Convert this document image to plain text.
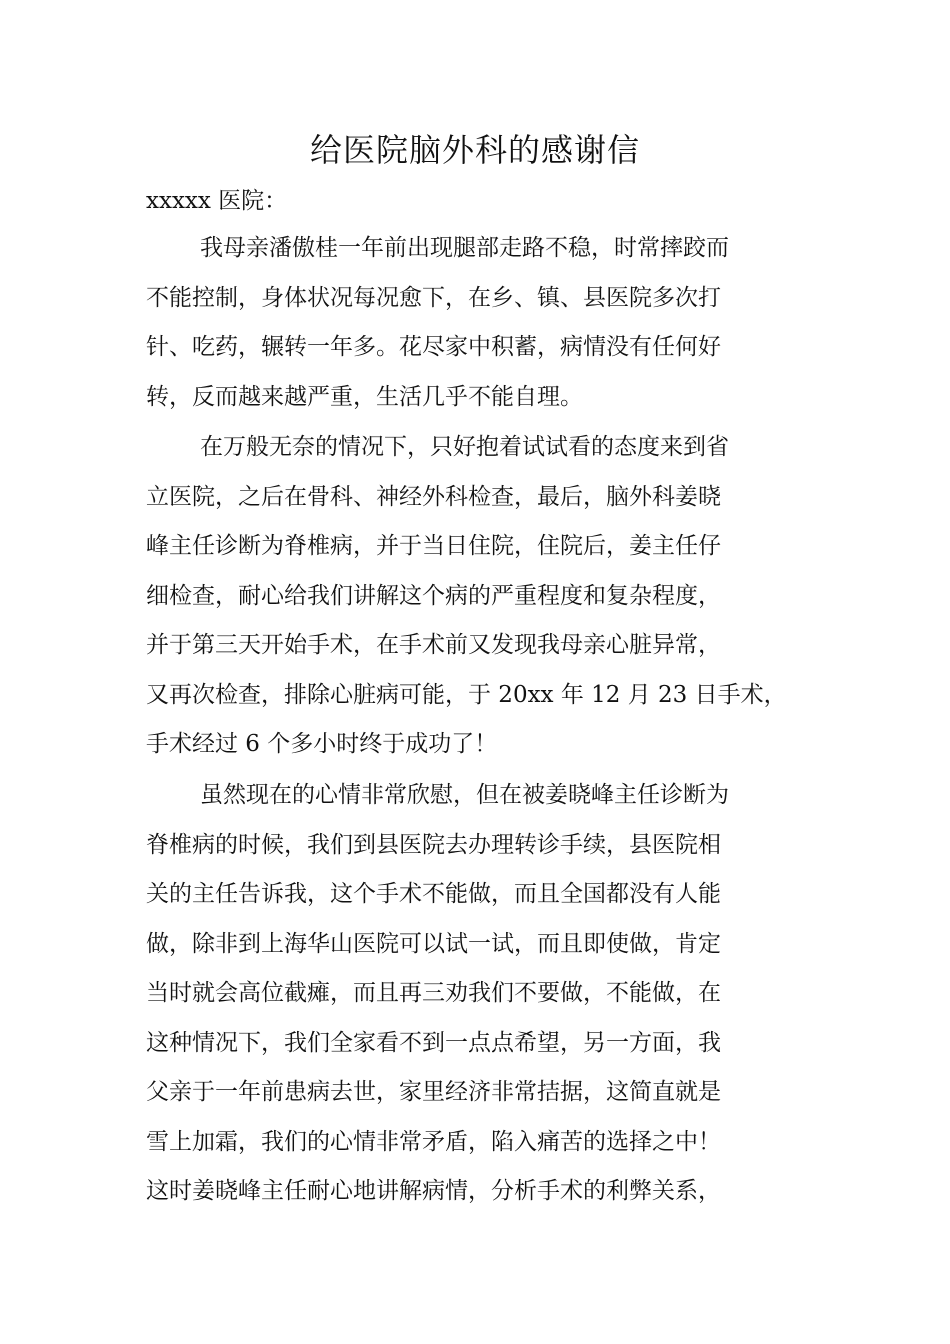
给医院脑外科的感谢信

xxxxx 医院：

我母亲潘傲桂一年前出现腿部走路不稳，时常摔跤而
不能控制，身体状况每况愈下，在乡、镇、县医院多次打
针、吃药，辗转一年多。花尽家中积蓄，病情没有任何好
转，反而越来越严重，生活几乎不能自理。
在万般无奈的情况下，只好抱着试试看的态度来到省
立医院，之后在骨科、神经外科检查，最后，脑外科姜晓
峰主任诊断为脊椎病，并于当日住院，住院后，姜主任仔
细检查，耐心给我们讲解这个病的严重程度和复杂程度，
并于第三天开始手术，在手术前又发现我母亲心脏异常，
又再次检查，排除心脏病可能，于 20xx 年 12 月 23 日手术，
手术经过 6 个多小时终于成功了！
虽然现在的心情非常欣慰，但在被姜晓峰主任诊断为
脊椎病的时候，我们到县医院去办理转诊手续，县医院相
关的主任告诉我，这个手术不能做，而且全国都没有人能
做，除非到上海华山医院可以试一试，而且即使做，肯定
当时就会高位截瘫，而且再三劝我们不要做，不能做，在
这种情况下，我们全家看不到一点点希望，另一方面，我
父亲于一年前患病去世，家里经济非常拮据，这简直就是
雪上加霜，我们的心情非常矛盾，陷入痛苦的选择之中！
这时姜晓峰主任耐心地讲解病情，分析手术的利弊关系，
